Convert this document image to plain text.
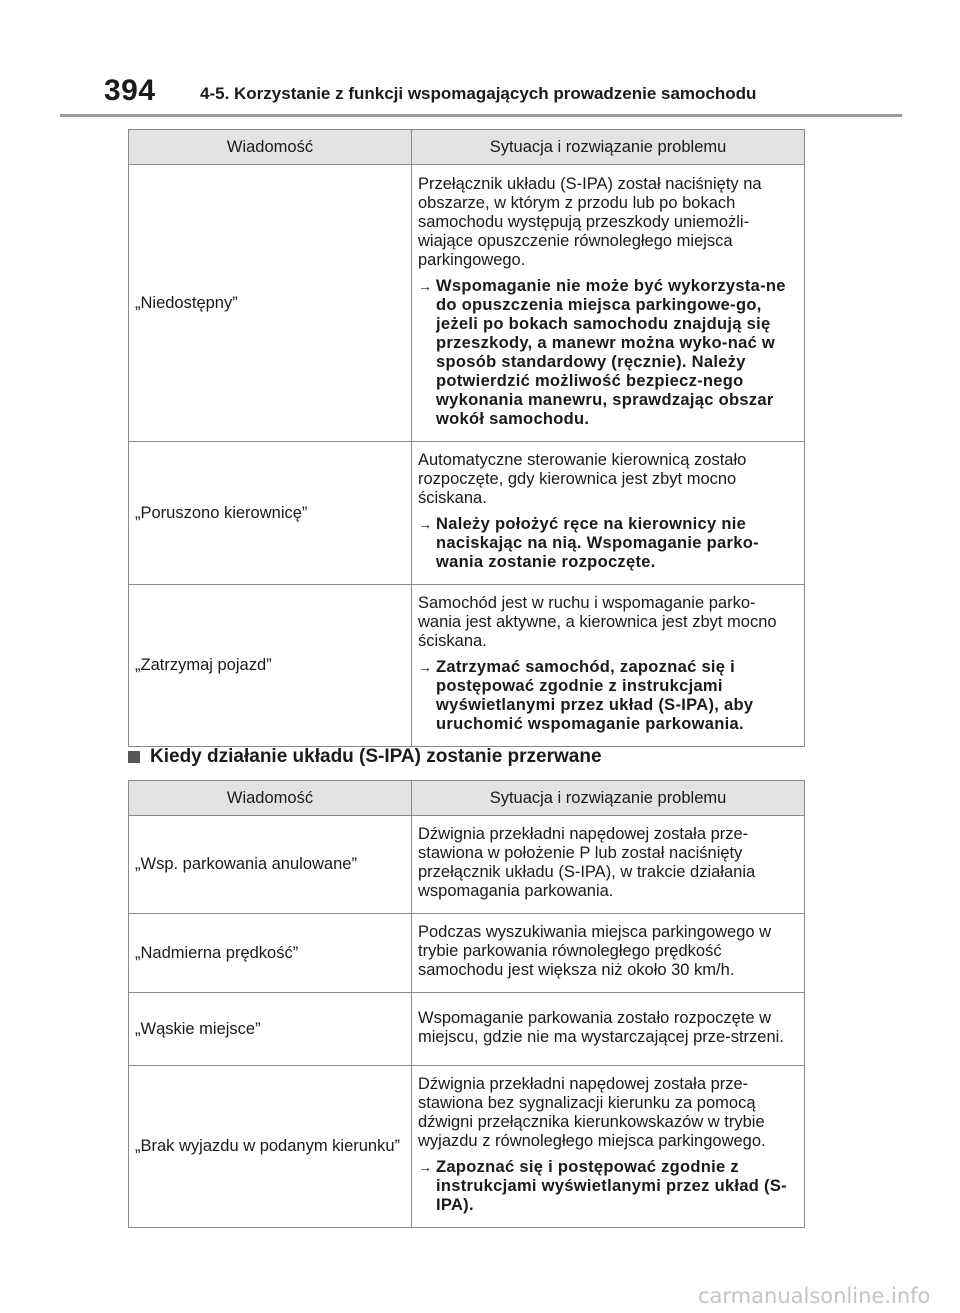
394	4-5. Korzystanie z funkcji wspomagających prowadzenie samochodu
Wiadomość	Sytuacja i rozwiązanie problemu
„Niedostępny”	Przełącznik układu (S-IPA) został naciśnięty na obszarze, w którym z przodu lub po bokach samochodu występują przeszkody uniemożli-wiające opuszczenie równoległego miejsca parkingowego.

→ Wspomaganie nie może być wykorzysta-ne do opuszczenia miejsca parkingowe-go, jeżeli po bokach samochodu znajdują się przeszkody, a manewr można wyko-nać w sposób standardowy (ręcznie). Należy potwierdzić możliwość bezpiecz-nego wykonania manewru, sprawdzając obszar wokół samochodu.

„Poruszono kierownicę”	Automatyczne sterowanie kierownicą zostało rozpoczęte, gdy kierownica jest zbyt mocno ściskana.

→ Należy położyć ręce na kierownicy nie naciskając na nią. Wspomaganie parko-wania zostanie rozpoczęte.

„Zatrzymaj pojazd”	Samochód jest w ruchu i wspomaganie parko-wania jest aktywne, a kierownica jest zbyt mocno ściskana.

→ Zatrzymać samochód, zapoznać się i postępować zgodnie z instrukcjami wyświetlanymi przez układ (S-IPA), aby uruchomić wspomaganie parkowania.
Kiedy działanie układu (S-IPA) zostanie przerwane
Wiadomość	Sytuacja i rozwiązanie problemu
„Wsp. parkowania anulowane”	Dźwignia przekładni napędowej została prze-stawiona w położenie P lub został naciśnięty przełącznik układu (S-IPA), w trakcie działania wspomagania parkowania.

„Nadmierna prędkość”	Podczas wyszukiwania miejsca parkingowego w trybie parkowania równoległego prędkość samochodu jest większa niż około 30 km/h.

„Wąskie miejsce”	Wspomaganie parkowania zostało rozpoczęte w miejscu, gdzie nie ma wystarczającej prze-strzeni.

„Brak wyjazdu w podanym kierunku”	Dźwignia przekładni napędowej została prze-stawiona bez sygnalizacji kierunku za pomocą dźwigni przełącznika kierunkowskazów w trybie wyjazdu z równoległego miejsca parkingowego.

→ Zapoznać się i postępować zgodnie z instrukcjami wyświetlanymi przez układ (S-IPA).
carmanualsonline.info
